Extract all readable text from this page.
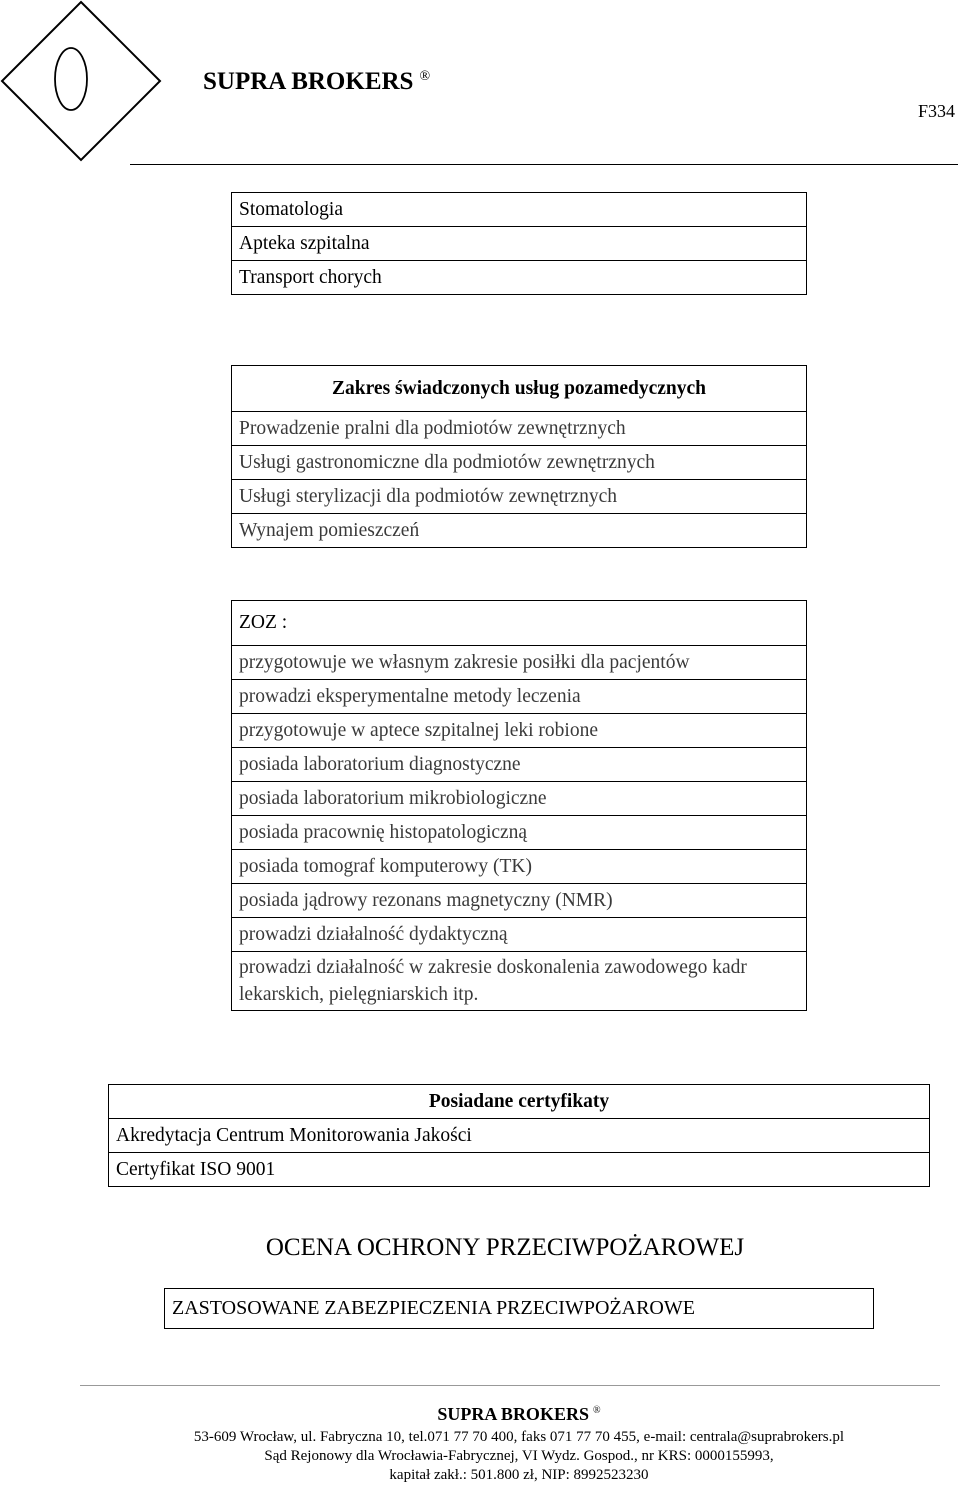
SUPRA BROKERS ®
F334
Stomatologia
Apteka szpitalna
Transport chorych
Zakres świadczonych usług pozamedycznych
Prowadzenie pralni dla podmiotów zewnętrznych
Usługi gastronomiczne dla podmiotów zewnętrznych
Usługi sterylizacji dla podmiotów zewnętrznych
Wynajem pomieszczeń
ZOZ :
przygotowuje we własnym zakresie posiłki dla pacjentów
prowadzi eksperymentalne metody leczenia
przygotowuje w aptece szpitalnej leki robione
posiada laboratorium diagnostyczne
posiada laboratorium mikrobiologiczne
posiada pracownię histopatologiczną
posiada tomograf komputerowy (TK)
posiada jądrowy rezonans magnetyczny (NMR)
prowadzi działalność dydaktyczną
prowadzi działalność w zakresie doskonalenia zawodowego kadr lekarskich, pielęgniarskich itp.
Posiadane certyfikaty
Akredytacja Centrum Monitorowania Jakości
Certyfikat ISO 9001
OCENA OCHRONY PRZECIWPOŻAROWEJ
ZASTOSOWANE ZABEZPIECZENIA PRZECIWPOŻAROWE
SUPRA BROKERS ®
53-609 Wrocław, ul. Fabryczna 10, tel.071 77 70 400, faks 071 77 70 455, e-mail: centrala@suprabrokers.pl
Sąd Rejonowy dla Wrocławia-Fabrycznej, VI Wydz. Gospod., nr KRS: 0000155993,
kapitał zakł.: 501.800 zł, NIP: 8992523230
